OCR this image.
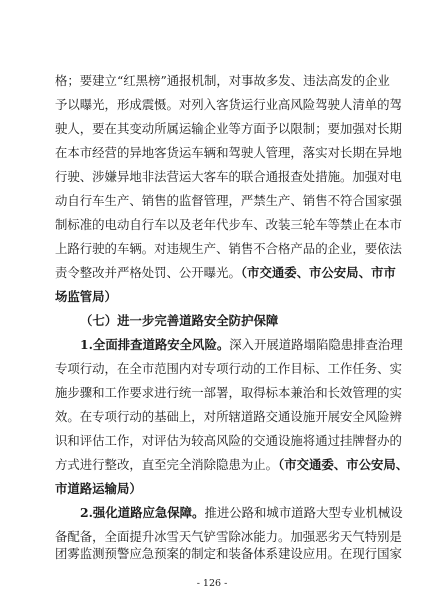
格；要建立“红黑榜”通报机制，对事故多发、违法高发的企业
予以曝光，形成震慑。对列入客货运行业高风险驾驶人清单的驾
驶人，要在其变动所属运输企业等方面予以限制；要加强对长期
在本市经营的异地客货运车辆和驾驶人管理，落实对长期在异地
行驶、涉嫌异地非法营运大客车的联合通报查处措施。加强对电
动自行车生产、销售的监督管理，严禁生产、销售不符合国家强
制标准的电动自行车以及老年代步车、改装三轮车等禁止在本市
上路行驶的车辆。对违规生产、销售不合格产品的企业，要依法
责令整改并严格处罚、公开曝光。（市交通委、市公安局、市市
场监管局）
（七）进一步完善道路安全防护保障
1.全面排查道路安全风险。深入开展道路塌陷隐患排查治理
专项行动，在全市范围内对专项行动的工作目标、工作任务、实
施步骤和工作要求进行统一部署，取得标本兼治和长效管理的实
效。在专项行动的基础上，对所辖道路交通设施开展安全风险辨
识和评估工作，对评估为较高风险的交通设施将通过挂牌督办的
方式进行整改，直至完全消除隐患为止。（市交通委、市公安局、
市道路运输局）
2.强化道路应急保障。推进公路和城市道路大型专业机械设
备配备，全面提升冰雪天气铲雪除冰能力。加强恶劣天气特别是
团雾监测预警应急预案的制定和装备体系建设应用。在现行国家
- 126 -
